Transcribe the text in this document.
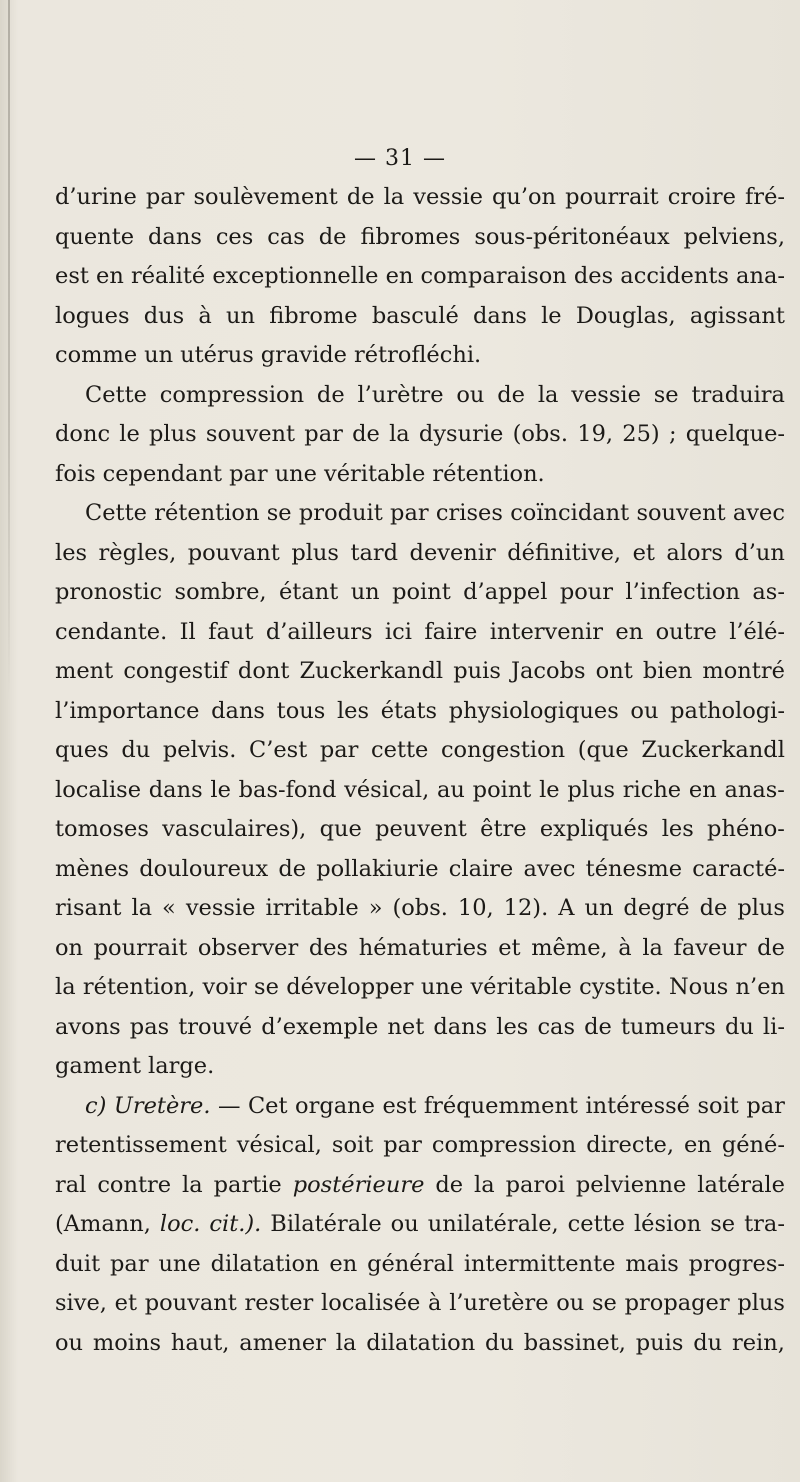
— 31 —
d’urine par soulèvement de la vessie qu’on pourrait croire fré-
quente dans ces cas de fibromes sous-péritonéaux pelviens,
est en réalité exceptionnelle en comparaison des accidents ana-
logues dus à un fibrome basculé dans le Douglas, agissant
comme un utérus gravide rétrofléchi.
Cette compression de l’urètre ou de la vessie se traduira
donc le plus souvent par de la dysurie (obs. 19, 25) ; quelque-
fois cependant par une véritable rétention.
Cette rétention se produit par crises coïncidant souvent avec
les règles, pouvant plus tard devenir définitive, et alors d’un
pronostic sombre, étant un point d’appel pour l’infection as-
cendante. Il faut d’ailleurs ici faire intervenir en outre l’élé-
ment congestif dont Zuckerkandl puis Jacobs ont bien montré
l’importance dans tous les états physiologiques ou pathologi-
ques du pelvis. C’est par cette congestion (que Zuckerkandl
localise dans le bas-fond vésical, au point le plus riche en anas-
tomoses vasculaires), que peuvent être expliqués les phéno-
mènes douloureux de pollakiurie claire avec ténesme caracté-
risant la « vessie irritable » (obs. 10, 12). A un degré de plus
on pourrait observer des hématuries et même, à la faveur de
la rétention, voir se développer une véritable cystite. Nous n’en
avons pas trouvé d’exemple net dans les cas de tumeurs du li-
gament large.
c) Uretère. — Cet organe est fréquemment intéressé soit par
retentissement vésical, soit par compression directe, en géné-
ral contre la partie postérieure de la paroi pelvienne latérale
(Amann, loc. cit.). Bilatérale ou unilatérale, cette lésion se tra-
duit par une dilatation en général intermittente mais progres-
sive, et pouvant rester localisée à l’uretère ou se propager plus
ou moins haut, amener la dilatation du bassinet, puis du rein,
